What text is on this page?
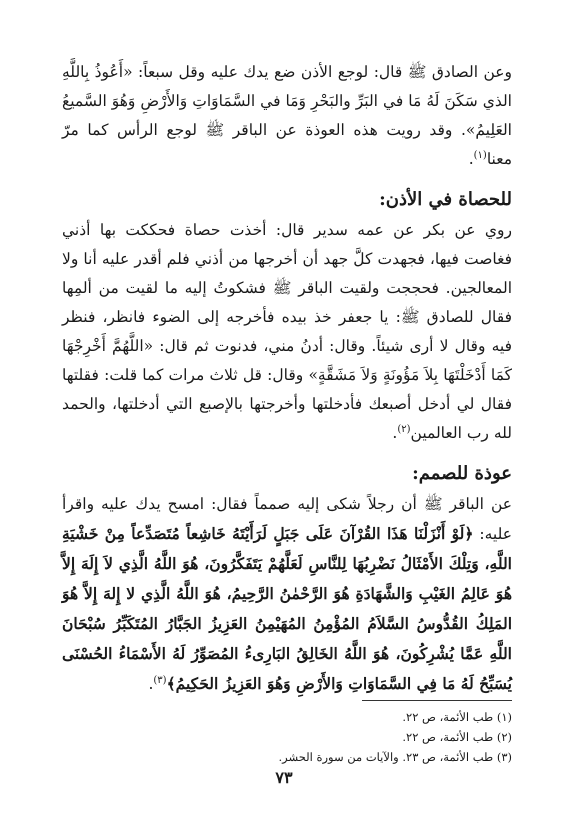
وعن الصادق ﷺ قال: لوجع الأذن ضع يدك عليه وقل سبعاً: «أَعُوذُ بِاللَّهِ الذي سَكَنَ لَهُ مَا في البَرِّ والبَحْرِ وَمَا في السَّمَاوَاتِ وَالأَرْضِ وَهُوَ السَّميعُ العَلِيمُ». وقد رويت هذه العوذة عن الباقر ﷺ لوجع الرأس كما مرّ معنا$^{(١)}$.

للحصاة في الأذن:

روي عن بكر عن عمه سدير قال: أخذت حصاة فحككت بها أذني فغاصت فيها، فجهدت كلَّ جهد أن أخرجها من أذني فلم أقدر عليه أنا ولا المعالجين. فحججت ولقيت الباقر ﷺ فشكوتُ إليه ما لقيت من ألمِها فقال للصادق ﷺ: يا جعفر خذ بيده فأخرجه إلى الضوء فانظر، فنظر فيه وقال لا أرى شيئاً. وقال: أدنُ مني، فدنوت ثم قال: «اللَّهُمَّ أَخْرِجْهَا كَمَا أَدْخَلْتَهَا بِلاَ مَؤُونَةٍ وَلاَ مَشَقَّةٍ» وقال: قل ثلاث مرات كما قلت: فقلتها فقال لي أدخل أصبعك فأدخلتها وأخرجتها بالإصبع التي أدخلتها، والحمد لله رب العالمين$^{(٢)}$.

عوذة للصمم:

عن الباقر ﷺ أن رجلاً شكى إليه صمماً فقال: امسح يدك عليه واقرأ عليه: ﴿لَوْ أَنْزَلْنَا هَذَا القُرْآنَ عَلَى جَبَلٍ لَرَأَيْتَهُ خَاشِعاً مُتَصَدِّعاً مِنْ خَشْيَةِ اللَّهِ، وَتِلْكَ الأَمْثَالُ نَضْرِبُهَا لِلنَّاسِ لَعَلَّهُمْ يَتَفَكَّرُونَ، هُوَ اللَّهُ الَّذِي لاَ إِلَهَ إِلاَّ هُوَ عَالِمُ الغَيْبِ وَالشَّهَادَةِ هُوَ الرَّحْمٰنُ الرَّحِيمُ، هُوَ اللَّهُ الَّذِي لا إِلهَ إِلاَّ هُوَ المَلِكُ القُدُّوسُ السَّلاَمُ المُؤْمِنُ المُهَيْمِنُ العَزِيزُ الجَبَّارُ المُتَكَبِّرُ سُبْحَانَ اللَّهِ عَمَّا يُشْرِكُونَ، هُوَ اللَّهُ الخَالِقُ البَارِىءُ المُصَوِّرُ لَهُ الأَسْمَاءُ الحُسْنَى يُسَبِّحُ لَهُ مَا فِي السَّمَاوَاتِ وَالأَرْضِ وَهُوَ العَزِيزُ الحَكِيمُ﴾$^{(٣)}$.

(١) طب الأئمة، ص ٢٢.

(٢) طب الأئمة، ص ٢٢.

(٣) طب الأئمة، ص ٢٣. والآيات من سورة الحشر.

٧٣
